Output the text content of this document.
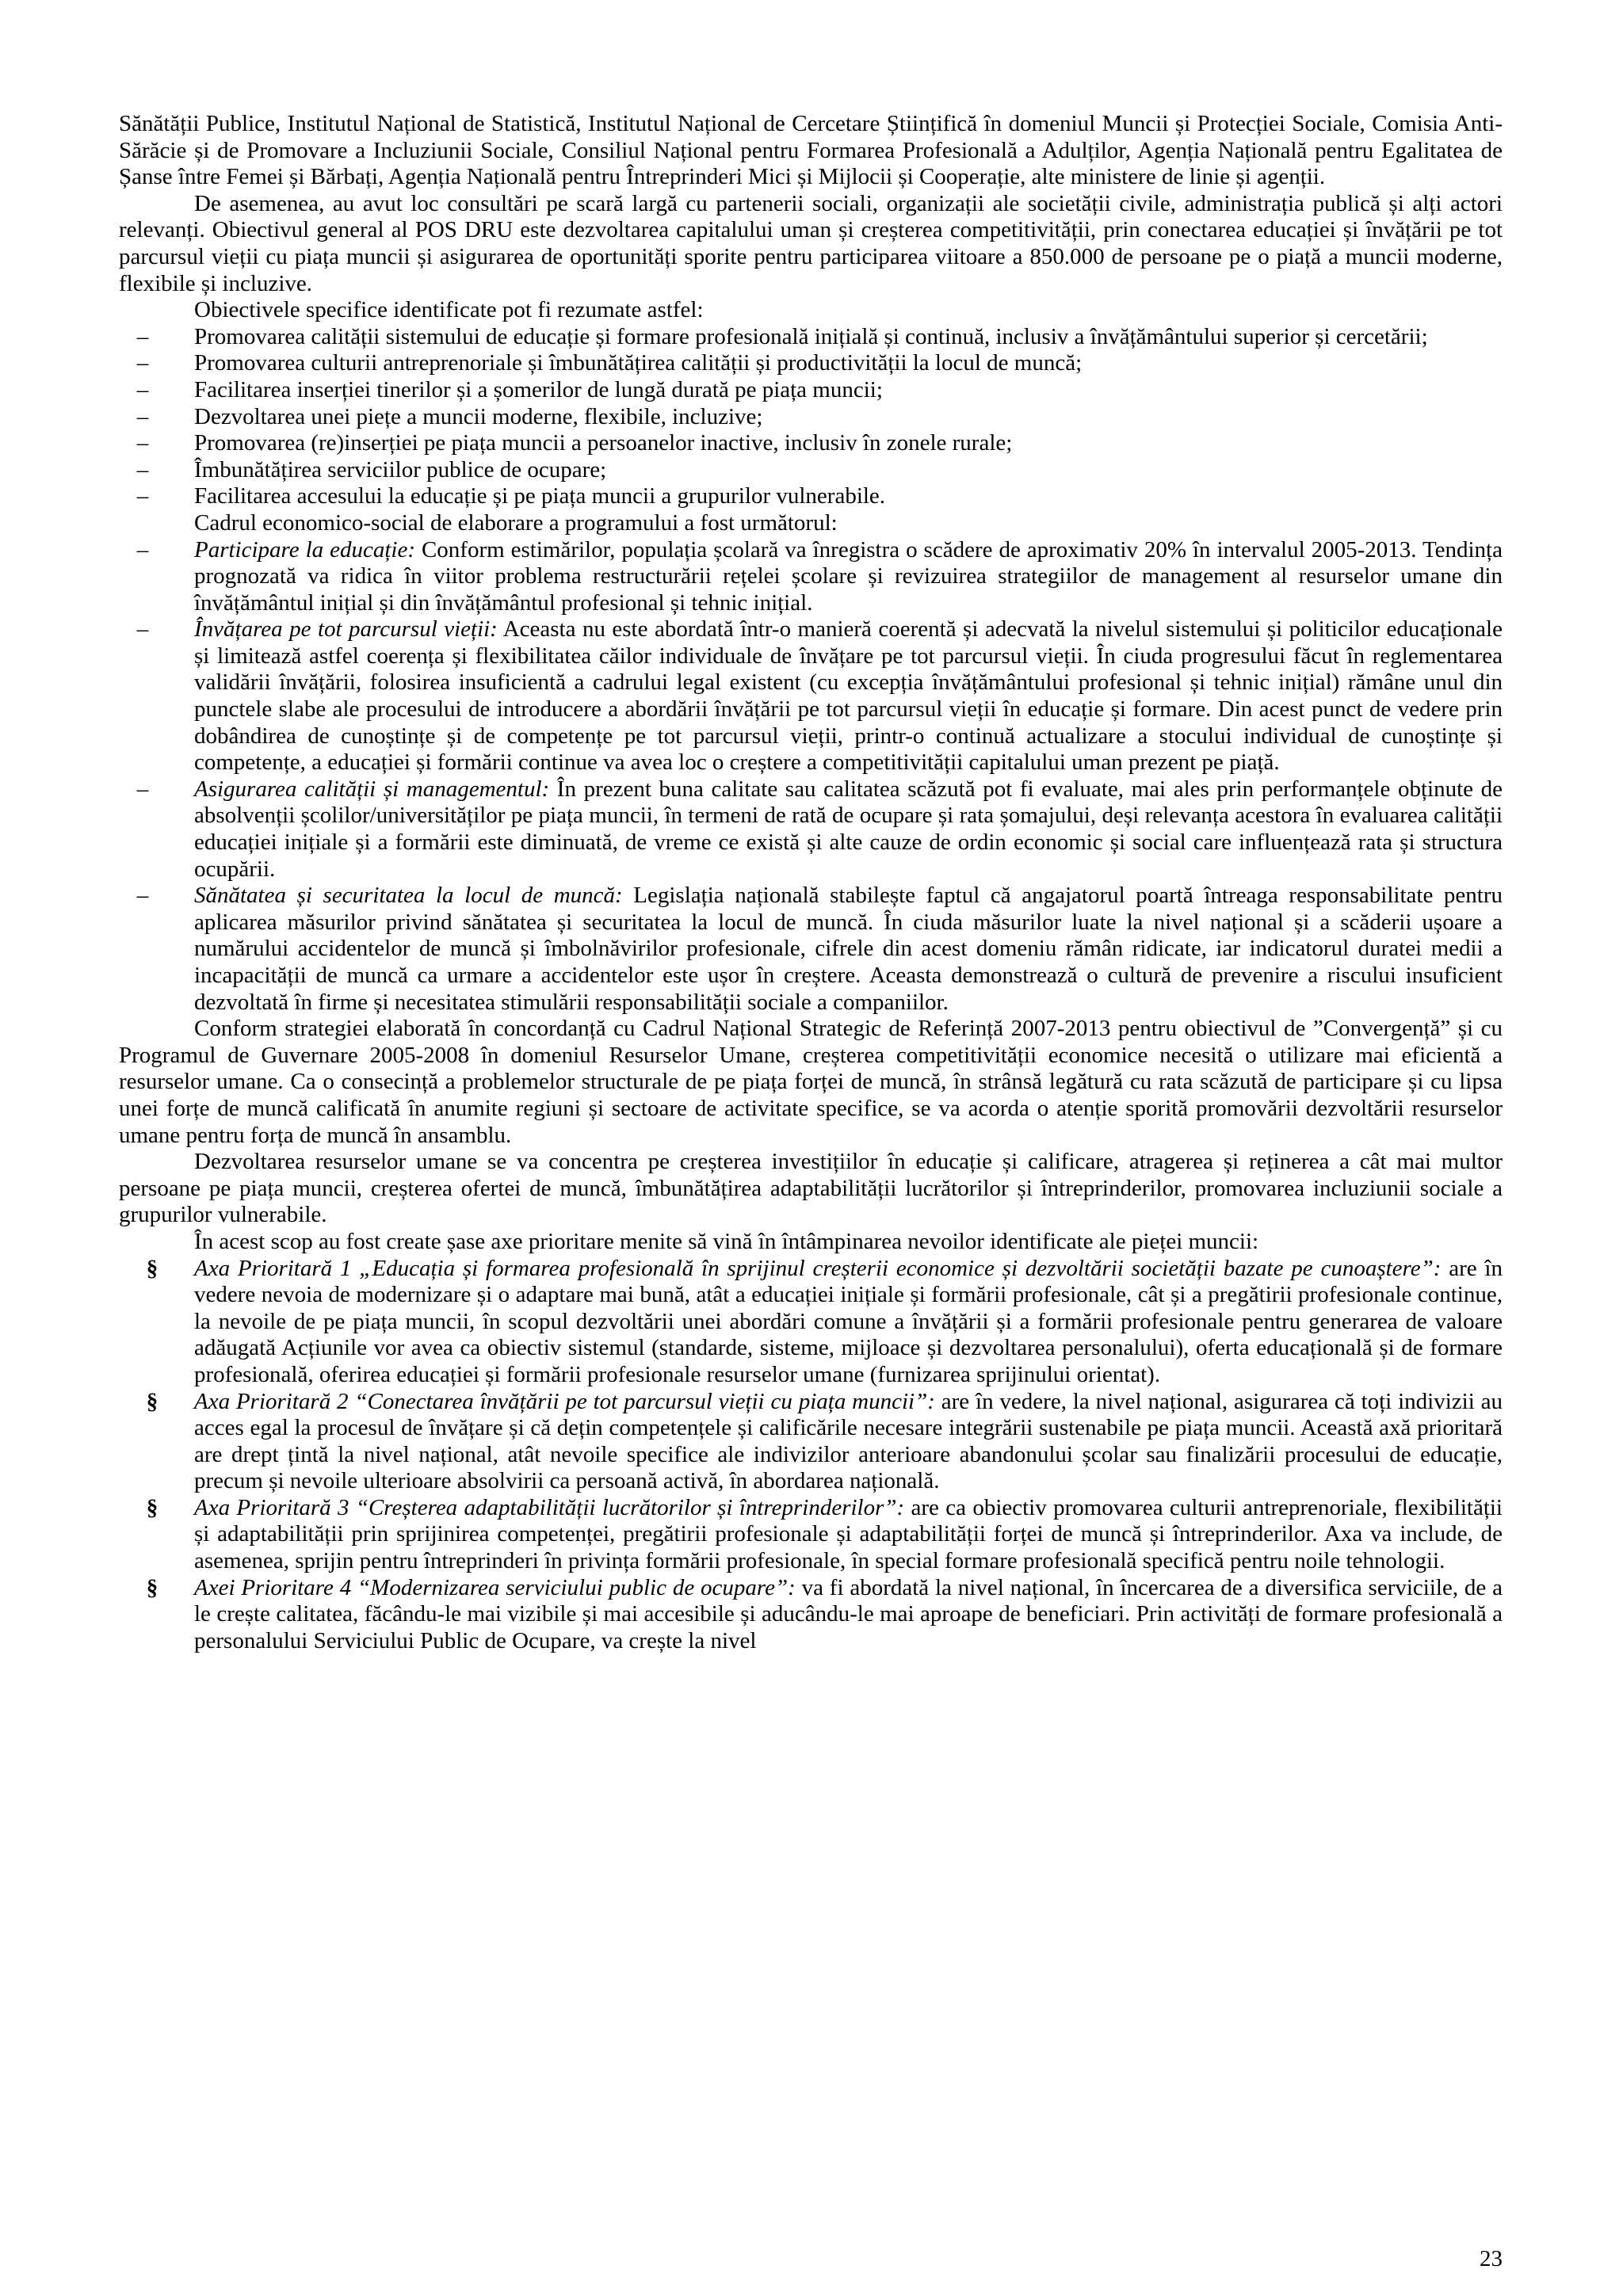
Sănătății Publice, Institutul Național de Statistică, Institutul Național de Cercetare Științifică în domeniul Muncii și Protecției Sociale, Comisia Anti-Sărăcie și de Promovare a Incluziunii Sociale, Consiliul Național pentru Formarea Profesională a Adulților, Agenția Națională pentru Egalitatea de Șanse între Femei și Bărbați, Agenția Națională pentru Întreprinderi Mici și Mijlocii și Cooperație, alte ministere de linie și agenții.

De asemenea, au avut loc consultări pe scară largă cu partenerii sociali, organizații ale societății civile, administrația publică și alți actori relevanți. Obiectivul general al POS DRU este dezvoltarea capitalului uman și creșterea competitivității, prin conectarea educației și învățării pe tot parcursul vieții cu piața muncii și asigurarea de oportunități sporite pentru participarea viitoare a 850.000 de persoane pe o piață a muncii moderne, flexibile și incluzive.

Obiectivele specifice identificate pot fi rezumate astfel:

–	Promovarea calității sistemului de educație și formare profesională inițială și continuă, inclusiv a învățământului superior și cercetării;

–	Promovarea culturii antreprenoriale și îmbunătățirea calității și productivității la locul de muncă;

–	Facilitarea inserției tinerilor și a șomerilor de lungă durată pe piața muncii;

–	Dezvoltarea unei piețe a muncii moderne, flexibile, incluzive;

–	Promovarea (re)inserției pe piața muncii a persoanelor inactive, inclusiv în zonele rurale;

–	Îmbunătățirea serviciilor publice de ocupare;

–	Facilitarea accesului la educație și pe piața muncii a grupurilor vulnerabile.

Cadrul economico-social de elaborare a programului a fost următorul:

–	Participare la educație: Conform estimărilor, populația școlară va înregistra o scădere de aproximativ 20% în intervalul 2005-2013. Tendința prognozată va ridica în viitor problema restructurării rețelei școlare și revizuirea strategiilor de management al resurselor umane din învățământul inițial și din învățământul profesional și tehnic inițial.

–	Învățarea pe tot parcursul vieții: Aceasta nu este abordată într-o manieră coerentă și adecvată la nivelul sistemului și politicilor educaționale și limitează astfel coerența și flexibilitatea căilor individuale de învățare pe tot parcursul vieții. În ciuda progresului făcut în reglementarea validării învățării, folosirea insuficientă a cadrului legal existent (cu excepția învățământului profesional și tehnic inițial) rămâne unul din punctele slabe ale procesului de introducere a abordării învățării pe tot parcursul vieții în educație și formare. Din acest punct de vedere prin dobândirea de cunoștințe și de competențe pe tot parcursul vieții, printr-o continuă actualizare a stocului individual de cunoștințe și competențe, a educației și formării continue va avea loc o creștere a competitivității capitalului uman prezent pe piață.

–	Asigurarea calității și managementul: În prezent buna calitate sau calitatea scăzută pot fi evaluate, mai ales prin performanțele obținute de absolvenții școlilor/universităților pe piața muncii, în termeni de rată de ocupare și rata șomajului, deși relevanța acestora în evaluarea calității educației inițiale și a formării este diminuată, de vreme ce există și alte cauze de ordin economic și social care influențează rata și structura ocupării.

–	Sănătatea și securitatea la locul de muncă: Legislația națională stabilește faptul că angajatorul poartă întreaga responsabilitate pentru aplicarea măsurilor privind sănătatea și securitatea la locul de muncă. În ciuda măsurilor luate la nivel național și a scăderii ușoare a numărului accidentelor de muncă și îmbolnăvirilor profesionale, cifrele din acest domeniu rămân ridicate, iar indicatorul duratei medii a incapacității de muncă ca urmare a accidentelor este ușor în creștere. Aceasta demonstrează o cultură de prevenire a riscului insuficient dezvoltată în firme și necesitatea stimulării responsabilității sociale a companiilor.

Conform strategiei elaborată în concordanță cu Cadrul Național Strategic de Referință 2007-2013 pentru obiectivul de ”Convergență” și cu Programul de Guvernare 2005-2008 în domeniul Resurselor Umane, creșterea competitivității economice necesită o utilizare mai eficientă a resurselor umane. Ca o consecință a problemelor structurale de pe piața forței de muncă, în strânsă legătură cu rata scăzută de participare și cu lipsa unei forțe de muncă calificată în anumite regiuni și sectoare de activitate specifice, se va acorda o atenție sporită promovării dezvoltării resurselor umane pentru forța de muncă în ansamblu.

Dezvoltarea resurselor umane se va concentra pe creșterea investițiilor în educație și calificare, atragerea și reținerea a cât mai multor persoane pe piața muncii, creșterea ofertei de muncă, îmbunătățirea adaptabilității lucrătorilor și întreprinderilor, promovarea incluziunii sociale a grupurilor vulnerabile.

În acest scop au fost create șase axe prioritare menite să vină în întâmpinarea nevoilor identificate ale pieței muncii:

§	Axa Prioritară 1 „Educația și formarea profesională în sprijinul creșterii economice și dezvoltării societății bazate pe cunoaștere”: are în vedere nevoia de modernizare și o adaptare mai bună, atât a educației inițiale și formării profesionale, cât și a pregătirii profesionale continue, la nevoile de pe piața muncii, în scopul dezvoltării unei abordări comune a învățării și a formării profesionale pentru generarea de valoare adăugată Acțiunile vor avea ca obiectiv sistemul (standarde, sisteme, mijloace și dezvoltarea personalului), oferta educațională și de formare profesională, oferirea educației și formării profesionale resurselor umane (furnizarea sprijinului orientat).

§	Axa Prioritară 2 “Conectarea învățării pe tot parcursul vieții cu piața muncii”: are în vedere, la nivel național, asigurarea că toți indivizii au acces egal la procesul de învățare și că dețin competențele și calificările necesare integrării sustenabile pe piața muncii. Această axă prioritară are drept țintă la nivel național, atât nevoile specifice ale indivizilor anterioare abandonului școlar sau finalizării procesului de educație, precum și nevoile ulterioare absolvirii ca persoană activă, în abordarea națională.

§	Axa Prioritară 3 “Creșterea adaptabilității lucrătorilor și întreprinderilor”: are ca obiectiv promovarea culturii antreprenoriale, flexibilității și adaptabilității prin sprijinirea competenței, pregătirii profesionale și adaptabilității forței de muncă și întreprinderilor. Axa va include, de asemenea, sprijin pentru întreprinderi în privința formării profesionale, în special formare profesională specifică pentru noile tehnologii.

§	Axei Prioritare 4 “Modernizarea serviciului public de ocupare”: va fi abordată la nivel național, în încercarea de a diversifica serviciile, de a le crește calitatea, făcându-le mai vizibile și mai accesibile și aducându-le mai aproape de beneficiari. Prin activități de formare profesională a personalului Serviciului Public de Ocupare, va crește la nivel

23
